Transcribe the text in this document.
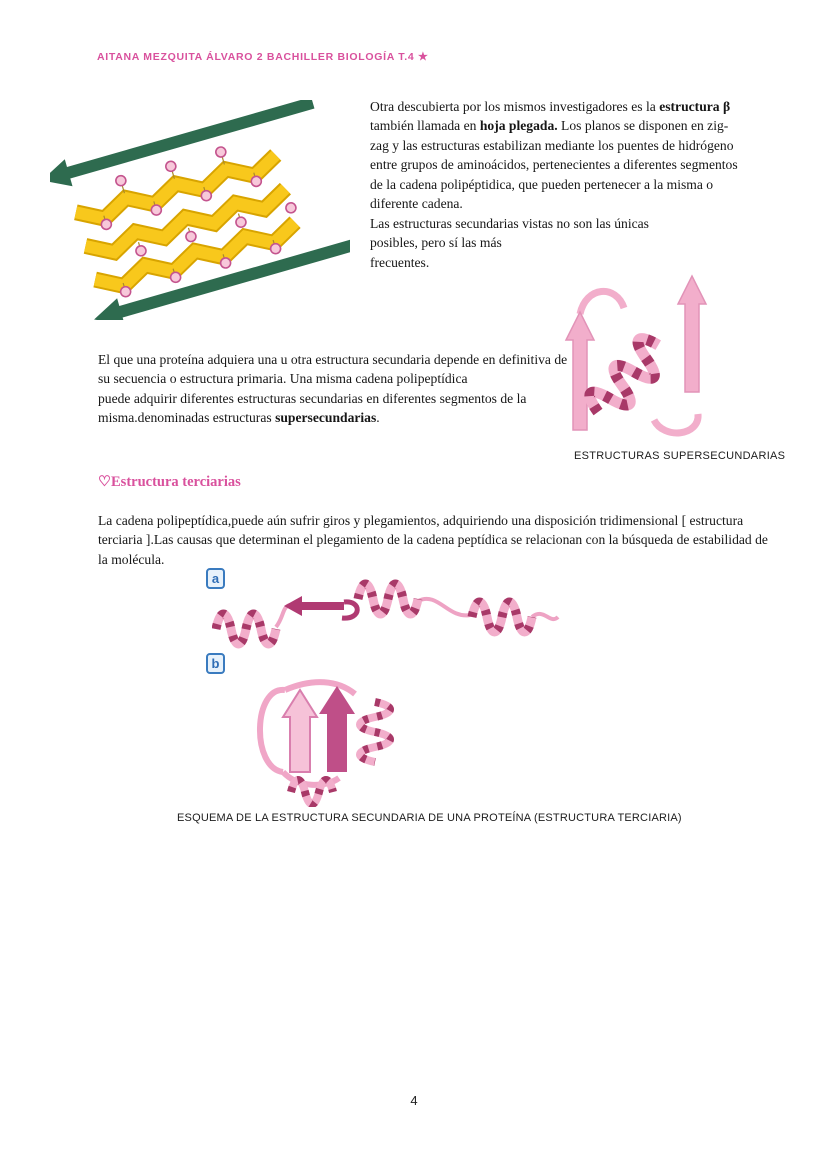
AITANA MEZQUITA ÁLVARO 2 BACHILLER BIOLOGÍA T.4 ★
Otra descubierta por los mismos investigadores es la estructura β también llamada en hoja plegada. Los planos se disponen en zig-zag y las estructuras estabilizan mediante los puentes de hidrógeno entre grupos de aminoácidos, pertenecientes a diferentes segmentos de la cadena polipéptidica, que pueden pertenecer a la misma o diferente cadena.
Las estructuras secundarias vistas no son las únicas
posibles, pero sí las más
frecuentes.
ESTRUCTURAS SUPERSECUNDARIAS
El que una proteína adquiera una u otra estructura secundaria depende en definitiva de su secuencia o estructura primaria. Una misma cadena polipeptídica
puede adquirir diferentes estructuras secundarias en diferentes segmentos de la misma.denominadas estructuras supersecundarias.
♡Estructura terciarias
La cadena polipeptídica,puede aún sufrir giros y plegamientos, adquiriendo una disposición tridimensional [ estructura terciaria ].Las causas que determinan el plegamiento de la cadena peptídica se relacionan con la búsqueda de estabilidad de la molécula.
a
b
ESQUEMA DE LA ESTRUCTURA SECUNDARIA DE UNA PROTEÍNA (ESTRUCTURA TERCIARIA)
4
